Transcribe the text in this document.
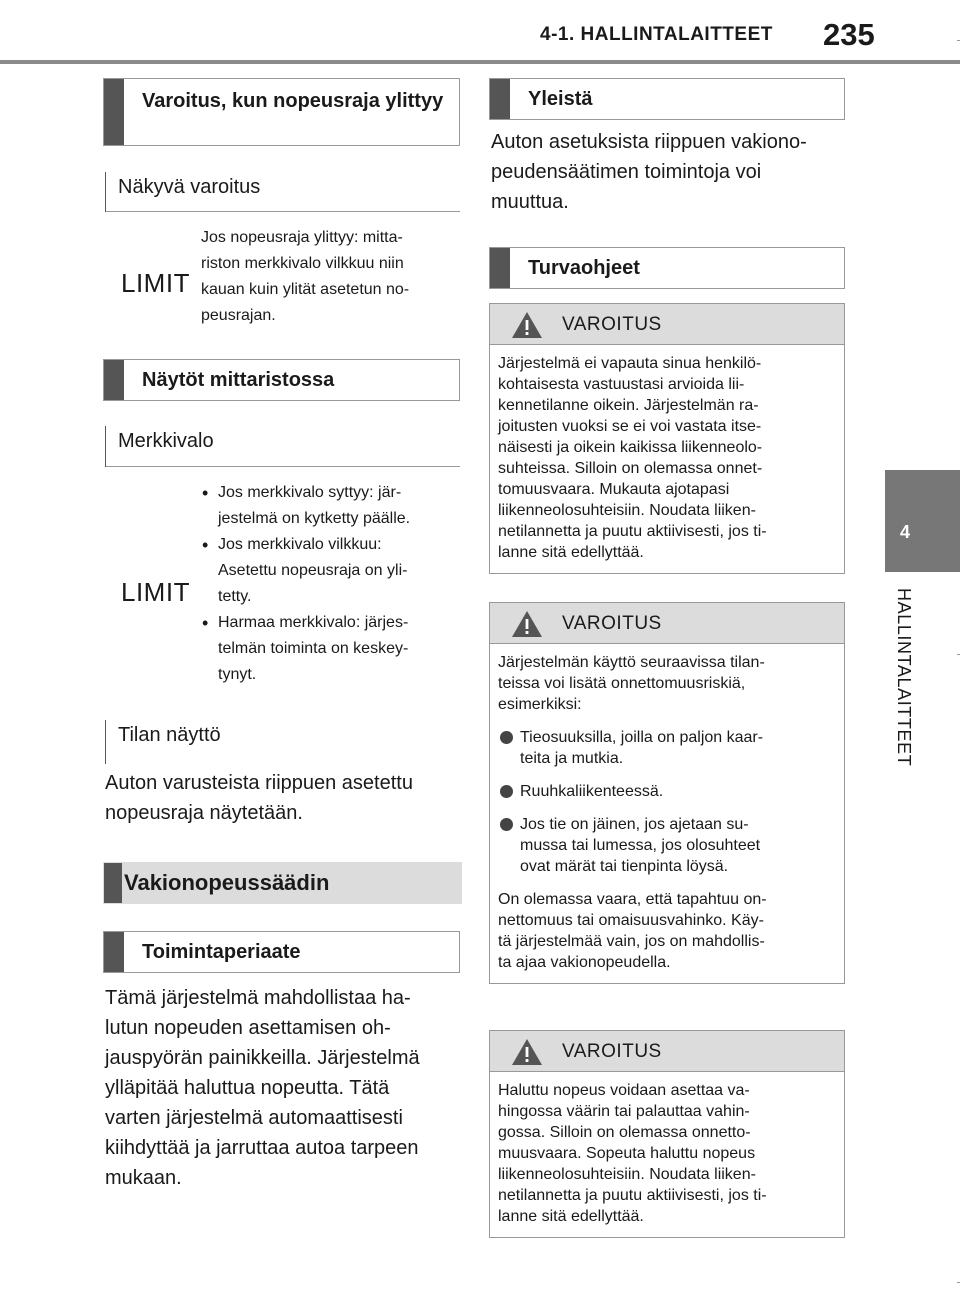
4-1. HALLINTALAITTEET 235
4
HALLINTALAITTEET
Varoitus, kun nopeusraja ylittyy
Näkyvä varoitus
LIMIT
Jos nopeusraja ylittyy: mitta-
riston merkkivalo vilkkuu niin
kauan kuin ylität asetetun no-
peusrajan.
Näytöt mittaristossa
Merkkivalo
LIMIT
• Jos merkkivalo syttyy: jär-
jestelmä on kytketty päälle.
• Jos merkkivalo vilkkuu:
Asetettu nopeusraja on yli-
tetty.
• Harmaa merkkivalo: järjes-
telmän toiminta on keskey-
tynyt.
Tilan näyttö
Auton varusteista riippuen asetettu
nopeusraja näytetään.
Vakionopeussäädin
Toimintaperiaate
Tämä järjestelmä mahdollistaa ha-
lutun nopeuden asettamisen oh-
jauspyörän painikkeilla. Järjestelmä
ylläpitää haluttua nopeutta. Tätä
varten järjestelmä automaattisesti
kiihdyttää ja jarruttaa autoa tarpeen
mukaan.
Yleistä
Auton asetuksista riippuen vakiono-
peudensäätimen toimintoja voi
muuttua.
Turvaohjeet
VAROITUS
Järjestelmä ei vapauta sinua henkilö-
kohtaisesta vastuustasi arvioida lii-
kennetilanne oikein. Järjestelmän ra-
joitusten vuoksi se ei voi vastata itse-
näisesti ja oikein kaikissa liikenneolo-
suhteissa. Silloin on olemassa onnet-
tomuusvaara. Mukauta ajotapasi
liikenneolosuhteisiin. Noudata liiken-
netilannetta ja puutu aktiivisesti, jos ti-
lanne sitä edellyttää.
VAROITUS
Järjestelmän käyttö seuraavissa tilan-
teissa voi lisätä onnettomuusriskiä,
esimerkiksi:
Tieosuuksilla, joilla on paljon kaar-
teita ja mutkia.
Ruuhkaliikenteessä.
Jos tie on jäinen, jos ajetaan su-
mussa tai lumessa, jos olosuhteet
ovat märät tai tienpinta löysä.
On olemassa vaara, että tapahtuu on-
nettomuus tai omaisuusvahinko. Käy-
tä järjestelmää vain, jos on mahdollis-
ta ajaa vakionopeudella.
VAROITUS
Haluttu nopeus voidaan asettaa va-
hingossa väärin tai palauttaa vahin-
gossa. Silloin on olemassa onnetto-
muusvaara. Sopeuta haluttu nopeus
liikenneolosuhteisiin. Noudata liiken-
netilannetta ja puutu aktiivisesti, jos ti-
lanne sitä edellyttää.
